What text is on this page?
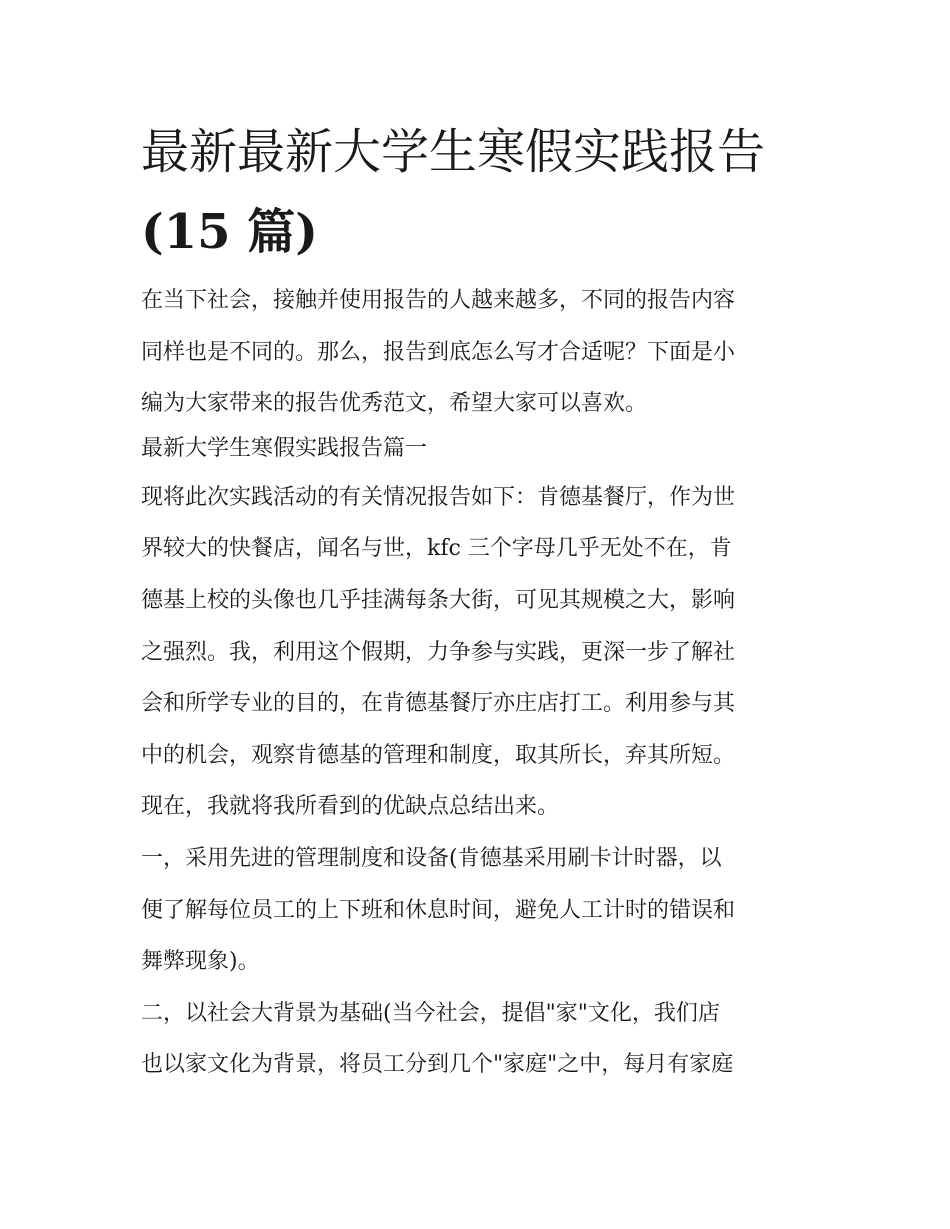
最新最新大学生寒假实践报告

(15 篇)

在当下社会，接触并使用报告的人越来越多，不同的报告内容

同样也是不同的。那么，报告到底怎么写才合适呢？下面是小

编为大家带来的报告优秀范文，希望大家可以喜欢。

最新大学生寒假实践报告篇一

现将此次实践活动的有关情况报告如下：肯德基餐厅，作为世

界较大的快餐店，闻名与世，kfc 三个字母几乎无处不在，肯

德基上校的头像也几乎挂满每条大街，可见其规模之大，影响

之强烈。我，利用这个假期，力争参与实践，更深一步了解社

会和所学专业的目的，在肯德基餐厅亦庄店打工。利用参与其

中的机会，观察肯德基的管理和制度，取其所长，弃其所短。

现在，我就将我所看到的优缺点总结出来。

一，采用先进的管理制度和设备(肯德基采用刷卡计时器，以

便了解每位员工的上下班和休息时间，避免人工计时的错误和

舞弊现象)。

二，以社会大背景为基础(当今社会，提倡"家"文化，我们店

也以家文化为背景，将员工分到几个"家庭"之中，每月有家庭
